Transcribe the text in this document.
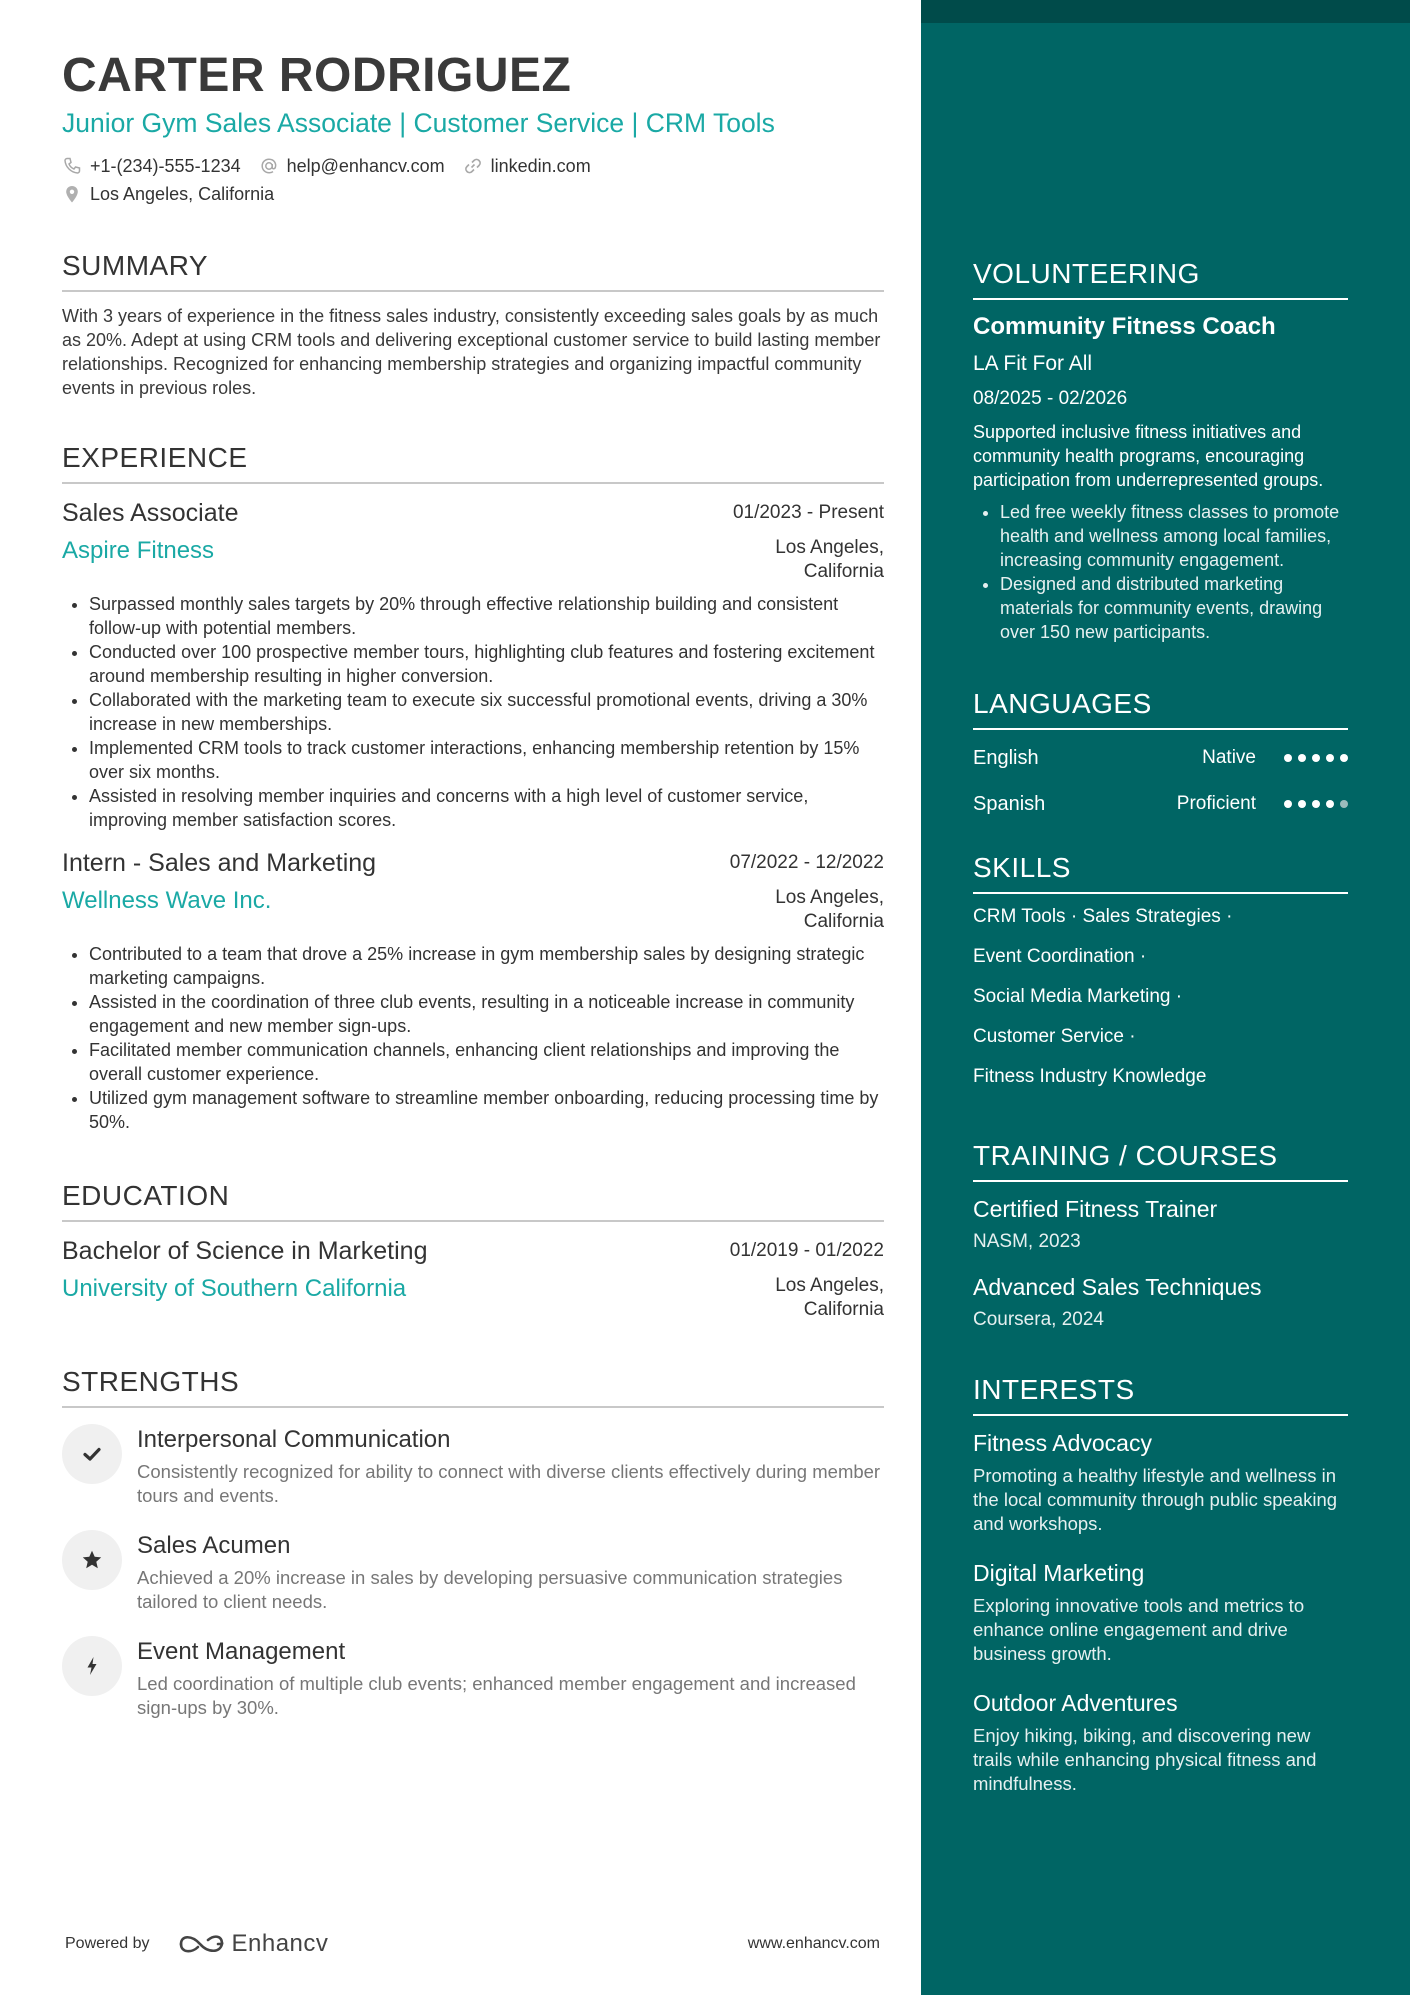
CARTER RODRIGUEZ
Junior Gym Sales Associate | Customer Service | CRM Tools
+1-(234)-555-1234	help@enhancv.com	linkedin.com
Los Angeles, California
SUMMARY

With 3 years of experience in the fitness sales industry, consistently exceeding sales goals by as much as 20%. Adept at using CRM tools and delivering exceptional customer service to build lasting member relationships. Recognized for enhancing membership strategies and organizing impactful community events in previous roles.

EXPERIENCE
Sales Associate	01/2023 - Present
Aspire Fitness	Los Angeles, California
• Surpassed monthly sales targets by 20% through effective relationship building and consistent follow-up with potential members.
• Conducted over 100 prospective member tours, highlighting club features and fostering excitement around membership resulting in higher conversion.
• Collaborated with the marketing team to execute six successful promotional events, driving a 30% increase in new memberships.
• Implemented CRM tools to track customer interactions, enhancing membership retention by 15% over six months.
• Assisted in resolving member inquiries and concerns with a high level of customer service, improving member satisfaction scores.
Intern - Sales and Marketing	07/2022 - 12/2022
Wellness Wave Inc.	Los Angeles, California
• Contributed to a team that drove a 25% increase in gym membership sales by designing strategic marketing campaigns.
• Assisted in the coordination of three club events, resulting in a noticeable increase in community engagement and new member sign-ups.
• Facilitated member communication channels, enhancing client relationships and improving the overall customer experience.
• Utilized gym management software to streamline member onboarding, reducing processing time by 50%.
EDUCATION
Bachelor of Science in Marketing	01/2019 - 01/2022
University of Southern California	Los Angeles, California
STRENGTHS
Interpersonal Communication
Consistently recognized for ability to connect with diverse clients effectively during member tours and events.
Sales Acumen
Achieved a 20% increase in sales by developing persuasive communication strategies tailored to client needs.
Event Management
Led coordination of multiple club events; enhanced member engagement and increased sign-ups by 30%.
Powered by	Enhancv	www.enhancv.com
VOLUNTEERING
Community Fitness Coach
LA Fit For All
08/2025 - 02/2026
Supported inclusive fitness initiatives and community health programs, encouraging participation from underrepresented groups.
• Led free weekly fitness classes to promote health and wellness among local families, increasing community engagement.
• Designed and distributed marketing materials for community events, drawing over 150 new participants.
LANGUAGES
English	Native
Spanish	Proficient
SKILLS
CRM Tools · Sales Strategies ·
Event Coordination ·
Social Media Marketing ·
Customer Service ·
Fitness Industry Knowledge
TRAINING / COURSES
Certified Fitness Trainer
NASM, 2023
Advanced Sales Techniques
Coursera, 2024
INTERESTS
Fitness Advocacy
Promoting a healthy lifestyle and wellness in the local community through public speaking and workshops.
Digital Marketing
Exploring innovative tools and metrics to enhance online engagement and drive business growth.
Outdoor Adventures
Enjoy hiking, biking, and discovering new trails while enhancing physical fitness and mindfulness.
